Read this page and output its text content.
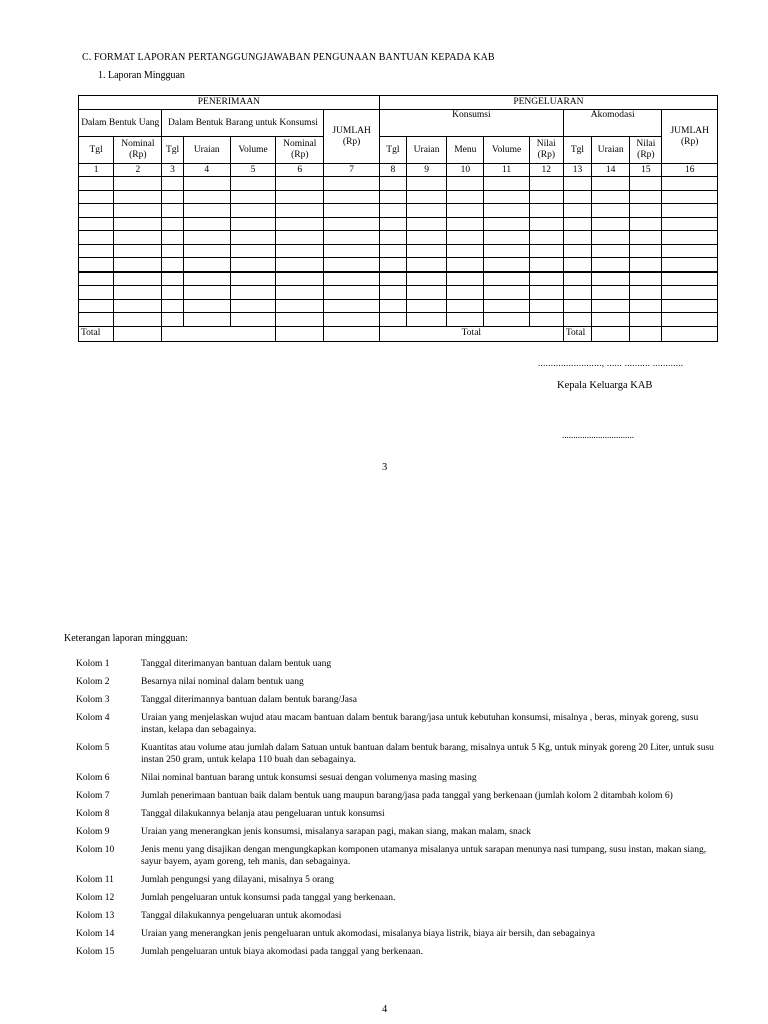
C. FORMAT LAPORAN PERTANGGUNGJAWABAN PENGUNAAN BANTUAN KEPADA KAB
1. Laporan Mingguan
PENERIMAAN							PENGELUARAN								
Dalam Bentuk Uang		Dalam Bentuk Barang untuk Konsumsi				JUMLAH (Rp)	Konsumsi					Akomodasi			JUMLAH (Rp)
Tgl	Nominal (Rp)	Tgl	Uraian	Volume	Nominal (Rp)		Tgl	Uraian	Menu	Volume	Nilai (Rp)	Tgl	Uraian	Nilai (Rp)	
1	2	3	4	5	6	7	8	9	10	11	12	13	14	15	16

Total							Total					Total			
........................., ...... .......... ............
Kepala Keluarga KAB
................................
3
Keterangan laporan mingguan:
Kolom 1	Tanggal diterimanyan bantuan dalam bentuk uang
Kolom 2	Besarnya nilai nominal dalam bentuk uang
Kolom 3	Tanggal diterimannya bantuan dalam bentuk barang/Jasa
Kolom 4	Uraian yang menjelaskan wujud atau macam bantuan dalam bentuk barang/jasa untuk kebutuhan konsumsi, misalnya , beras, minyak goreng, susu instan, kelapa dan sebagainya.
Kolom 5	Kuantitas atau volume atau jumlah dalam Satuan untuk bantuan dalam bentuk barang, misalnya untuk 5 Kg, untuk minyak goreng 20 Liter, untuk susu instan 250 gram, untuk kelapa 110 buah dan sebagainya.
Kolom 6	Nilai nominal bantuan barang untuk konsumsi sesuai dengan volumenya masing masing
Kolom 7	Jumlah penerimaan bantuan baik dalam bentuk uang maupun barang/jasa pada tanggal yang berkenaan (jumlah kolom 2 ditambah kolom 6)
Kolom 8	Tanggal dilakukannya belanja atau pengeluaran untuk konsumsi
Kolom 9	Uraian yang menerangkan jenis konsumsi, misalanya sarapan pagi, makan siang, makan malam, snack
Kolom 10	Jenis menu yang disajikan dengan mengungkapkan komponen utamanya misalanya untuk sarapan menunya nasi tumpang, susu instan, makan siang, sayur bayem, ayam goreng, teh manis, dan sebagainya.
Kolom 11	Jumlah pengungsi yang dilayani, misalnya 5 orang
Kolom 12	Jumlah pengeluaran untuk konsumsi pada tanggal yang berkenaan.
Kolom 13	Tanggal dilakukannya pengeluaran untuk akomodasi
Kolom 14	Uraian yang menerangkan jenis pengeluaran untuk akomodasi, misalanya biaya listrik, biaya air bersih, dan sebagainya
Kolom 15	Jumlah pengeluaran untuk biaya akomodasi pada tanggal yang berkenaan.
4
